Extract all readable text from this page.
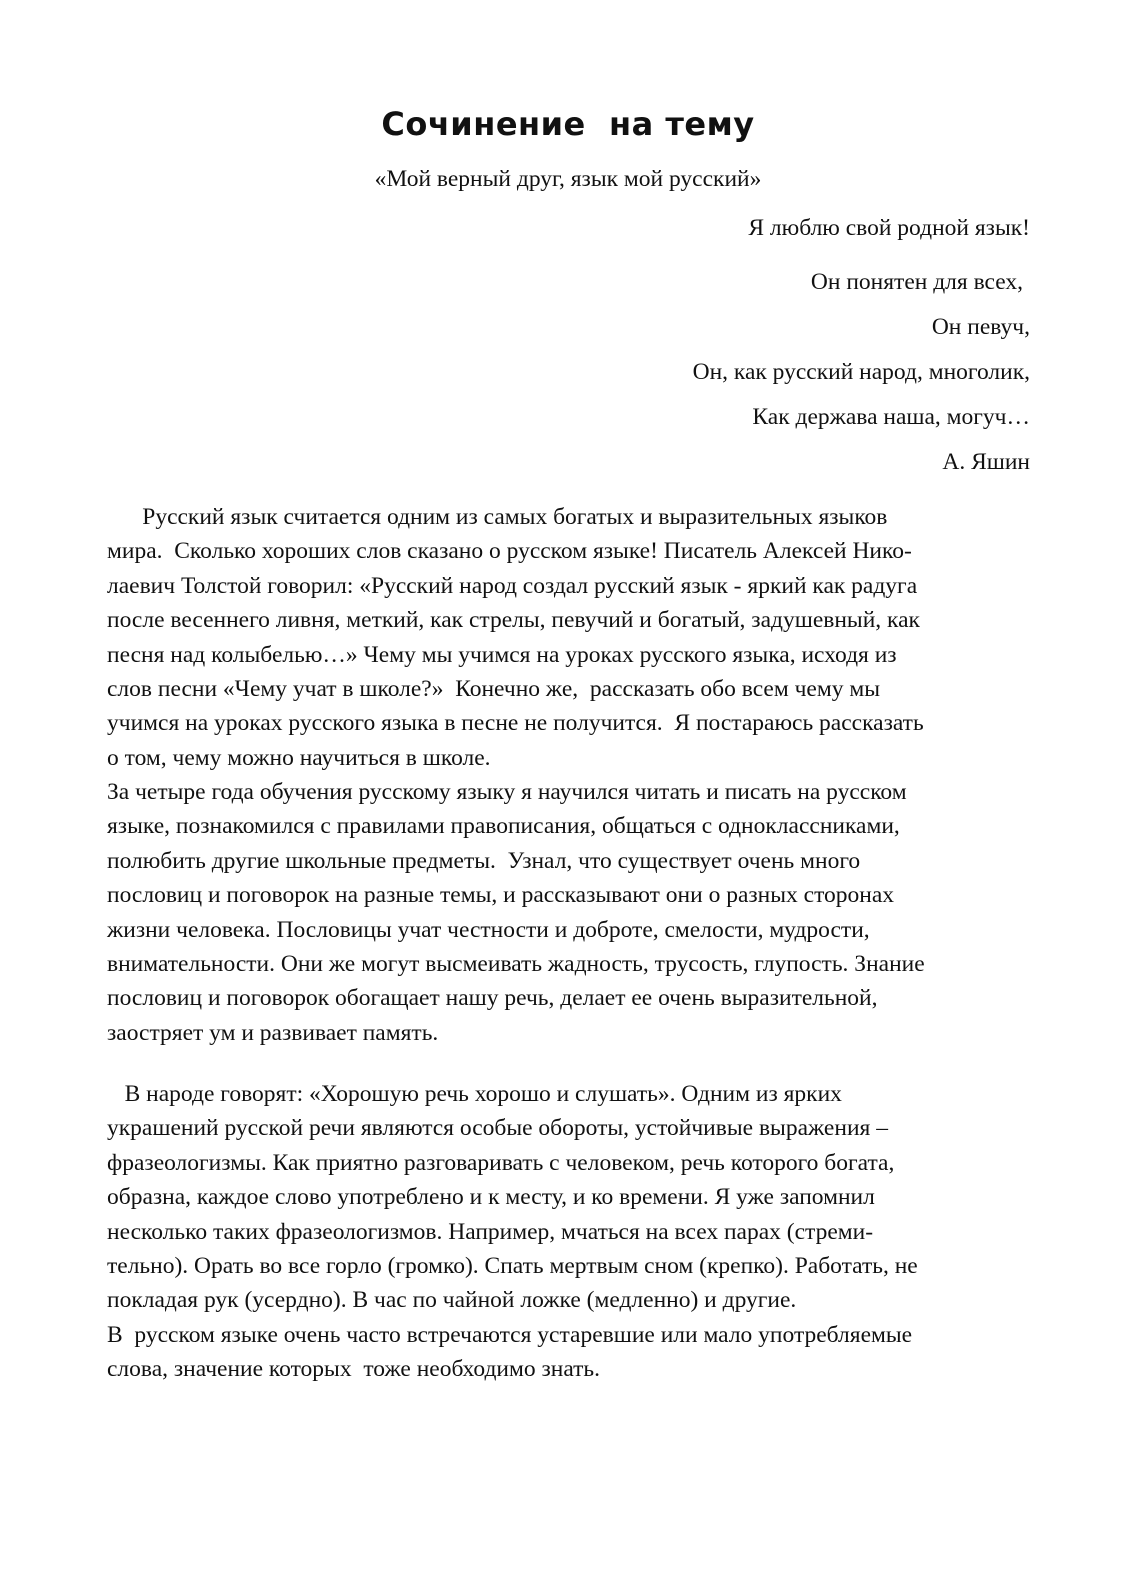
Сочинение  на тему
«Мой верный друг, язык мой русский»
Я люблю свой родной язык!
Он понятен для всех,
Он певуч,
Он, как русский народ, многолик,
Как держава наша, могуч…
А. Яшин
Русский язык считается одним из самых богатых и выразительных языков
мира.  Сколько хороших слов сказано о русском языке! Писатель Алексей Нико-
лаевич Толстой говорил: «Русский народ создал русский язык - яркий как радуга
после весеннего ливня, меткий, как стрелы, певучий и богатый, задушевный, как
песня над колыбелью…» Чему мы учимся на уроках русского языка, исходя из
слов песни «Чему учат в школе?»  Конечно же,  рассказать обо всем чему мы
учимся на уроках русского языка в песне не получится.  Я постараюсь рассказать
о том, чему можно научиться в школе.
За четыре года обучения русскому языку я научился читать и писать на русском
языке, познакомился с правилами правописания, общаться с одноклассниками,
полюбить другие школьные предметы.  Узнал, что существует очень много
пословиц и поговорок на разные темы, и рассказывают они о разных сторонах
жизни человека. Пословицы учат честности и доброте, смелости, мудрости,
внимательности. Они же могут высмеивать жадность, трусость, глупость. Знание
пословиц и поговорок обогащает нашу речь, делает ее очень выразительной,
заостряет ум и развивает память.
В народе говорят: «Хорошую речь хорошо и слушать». Одним из ярких
украшений русской речи являются особые обороты, устойчивые выражения –
фразеологизмы. Как приятно разговаривать с человеком, речь которого богата,
образна, каждое слово употреблено и к месту, и ко времени. Я уже запомнил
несколько таких фразеологизмов. Например, мчаться на всех парах (стреми-
тельно). Орать во все горло (громко). Спать мертвым сном (крепко). Работать, не
покладая рук (усердно). В час по чайной ложке (медленно) и другие.
В  русском языке очень часто встречаются устаревшие или мало употребляемые
слова, значение которых  тоже необходимо знать.
